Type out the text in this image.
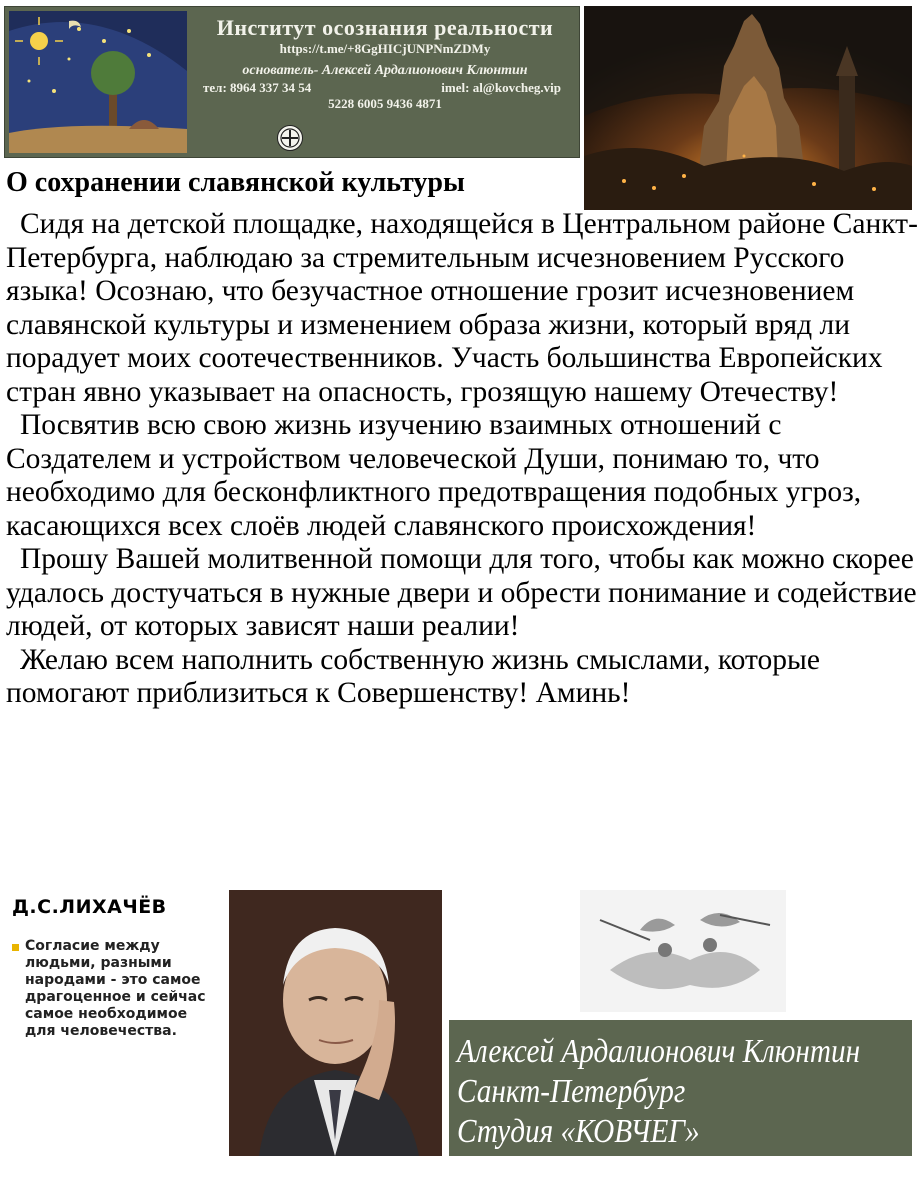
Институт осознания реальности
https://t.me/+8GgHICjUNPNmZDMy
основатель- Алексей Ардалионович Клюнтин
тел: 8964 337 34 54	imel: al@kovcheg.vip
5228 6005 9436 4871
О сохранении славянской культуры

Сидя на детской площадке, находящейся в Центральном районе Санкт-Петербурга, наблюдаю за стремительным исчезновением Русского языка! Осознаю, что безучастное отношение грозит исчезновением славянской культуры и изменением образа жизни, который вряд ли порадует моих соотечественников. Участь большинства Европейских стран явно указывает на опасность, грозящую нашему Отечеству!

Посвятив всю свою жизнь изучению взаимных отношений с Создателем и устройством человеческой Души, понимаю то, что необходимо для бесконфликтного предотвращения подобных угроз, касающихся всех слоёв людей славянского происхождения!

Прошу Вашей молитвенной помощи для того, чтобы как можно скорее удалось достучаться в нужные двери и обрести понимание и содействие людей, от которых зависят наши реалии!

Желаю всем наполнить собственную жизнь смыслами, которые помогают приблизиться к Совершенству! Аминь!

Д.С.ЛИХАЧЁВ
Согласие между людьми, разными народами - это самое драгоценное и сейчас самое необходимое для человечества.
Алексей Ардалионович Клюнтин
Санкт-Петербург
Студия «КОВЧЕГ»
